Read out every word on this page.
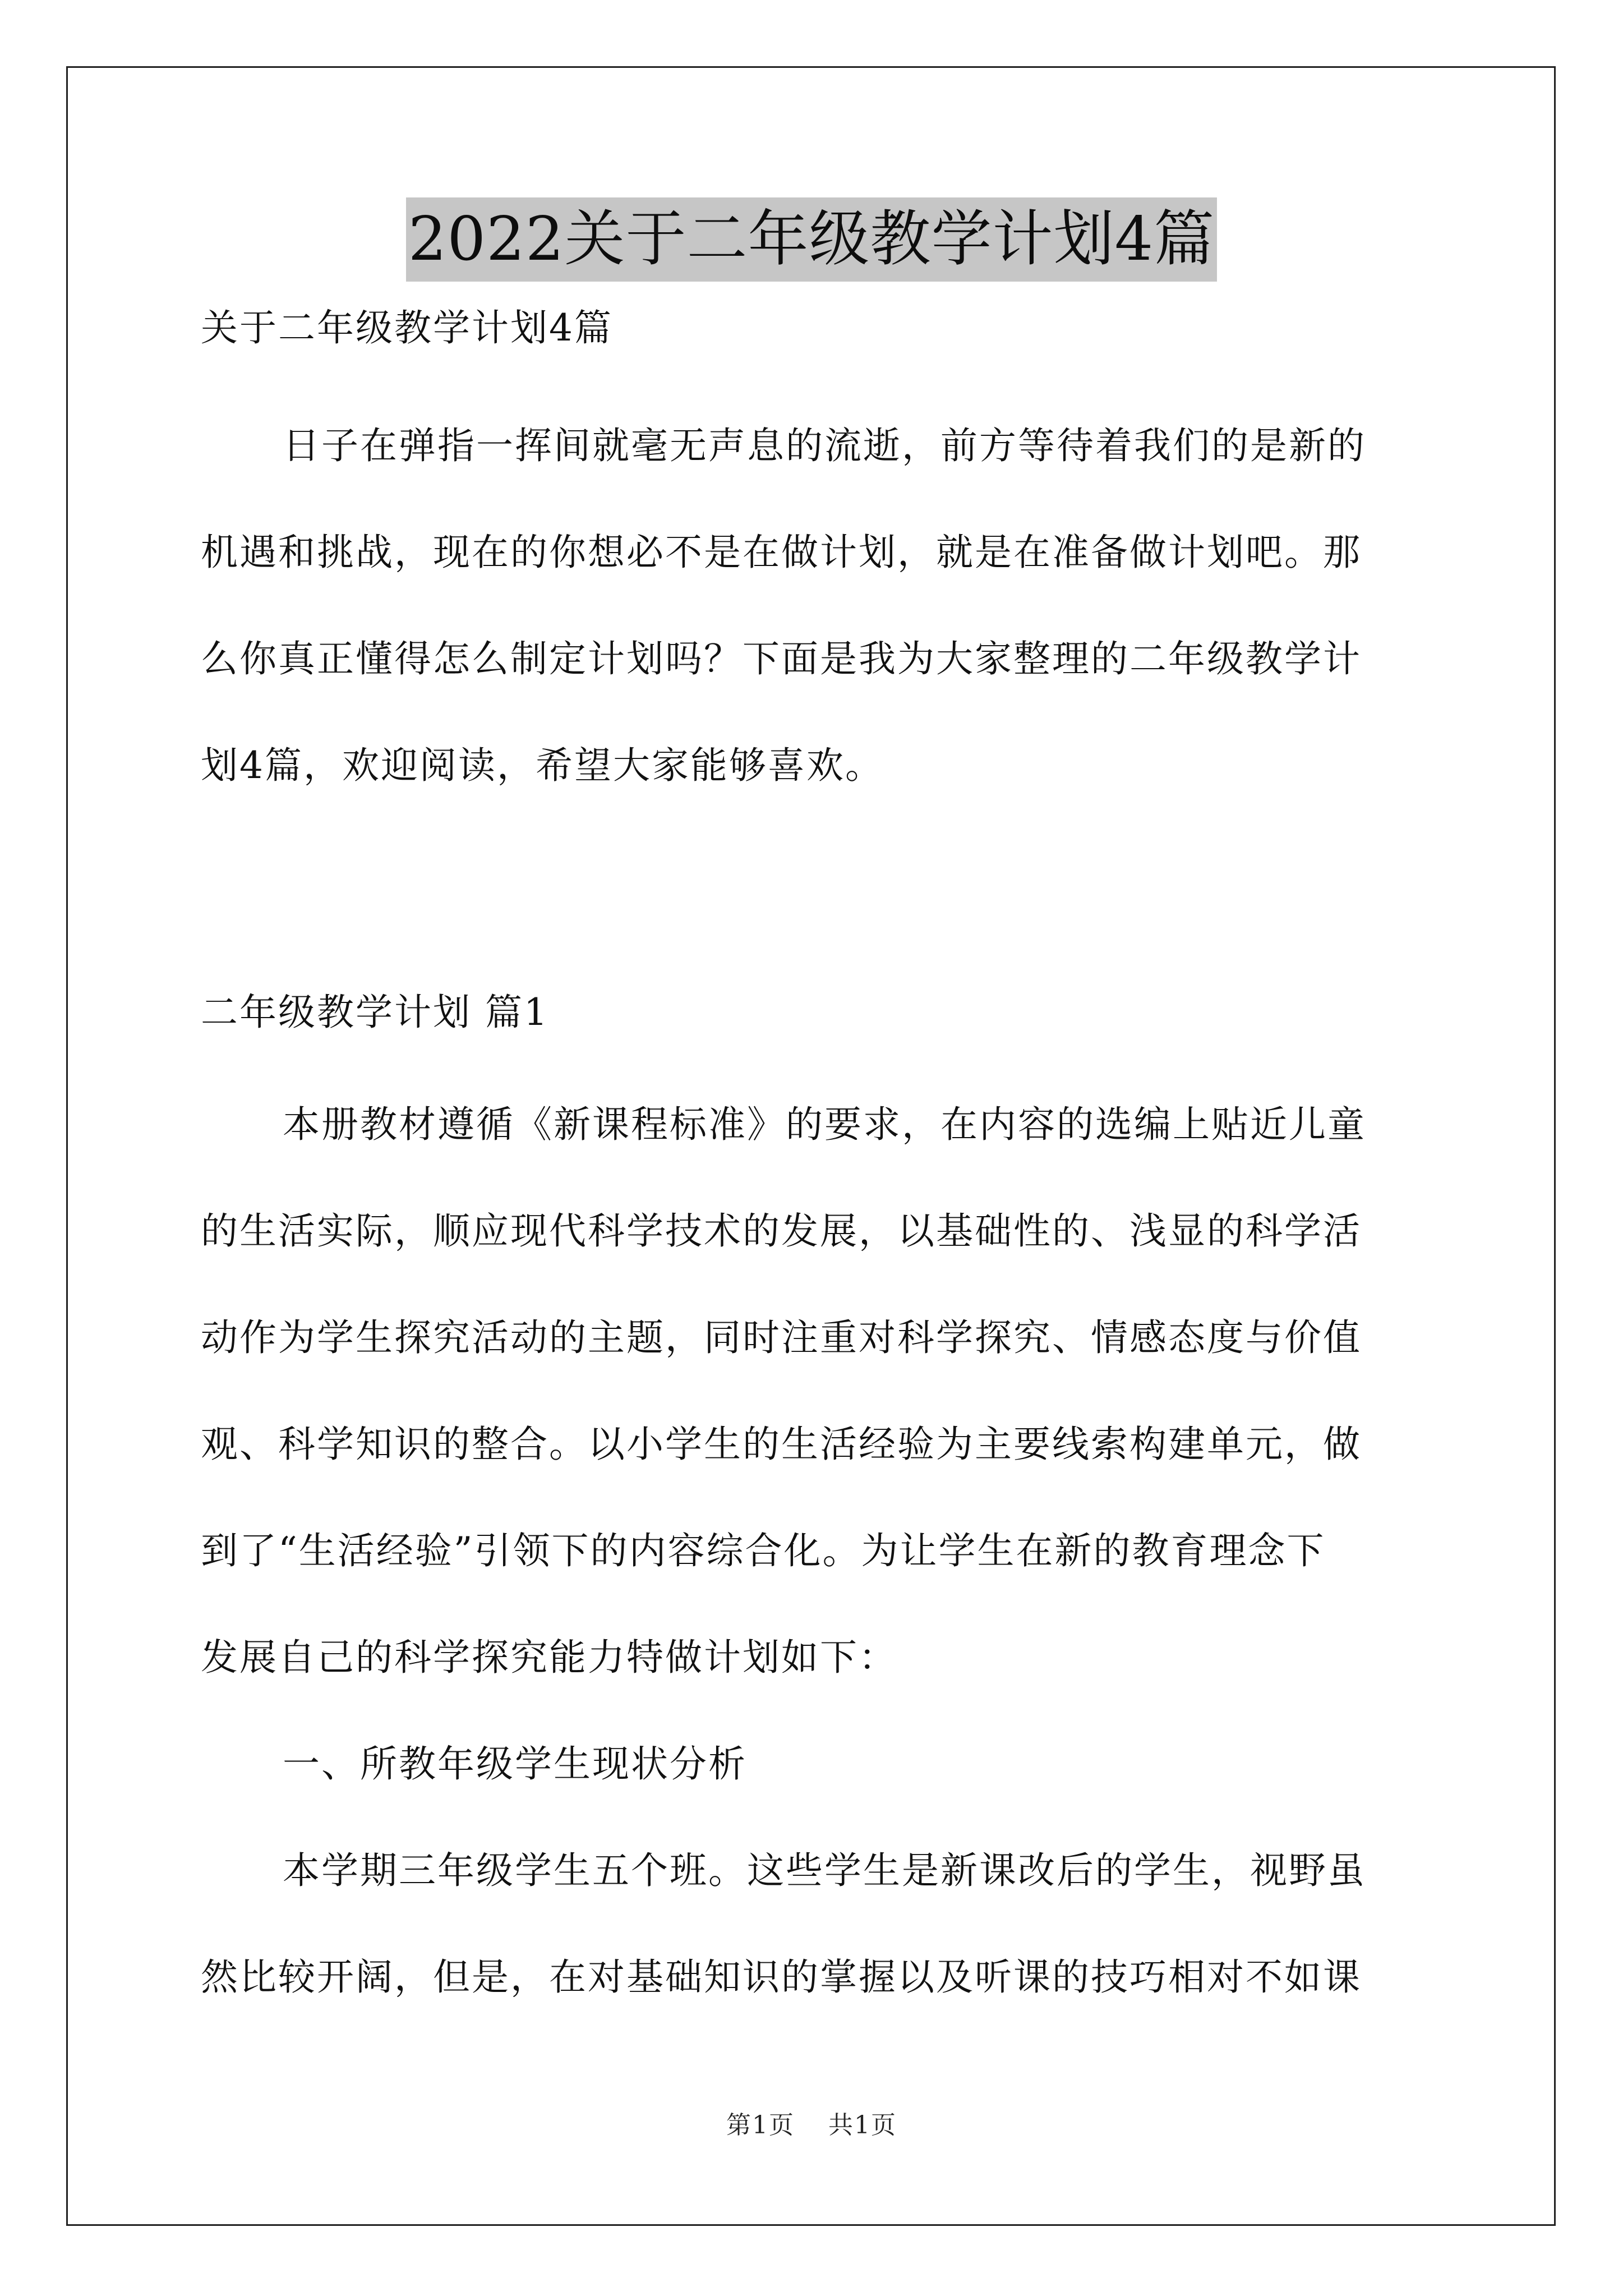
2022关于二年级教学计划4篇
关于二年级教学计划4篇
日子在弹指一挥间就毫无声息的流逝，前方等待着我们的是新的
机遇和挑战，现在的你想必不是在做计划，就是在准备做计划吧。那
么你真正懂得怎么制定计划吗？下面是我为大家整理的二年级教学计
划4篇，欢迎阅读，希望大家能够喜欢。
二年级教学计划 篇1
本册教材遵循《新课程标准》的要求，在内容的选编上贴近儿童
的生活实际，顺应现代科学技术的发展，以基础性的、浅显的科学活
动作为学生探究活动的主题，同时注重对科学探究、情感态度与价值
观、科学知识的整合。以小学生的生活经验为主要线索构建单元，做
到了“生活经验”引领下的内容综合化。为让学生在新的教育理念下
发展自己的科学探究能力特做计划如下：
一、所教年级学生现状分析
本学期三年级学生五个班。这些学生是新课改后的学生，视野虽
然比较开阔，但是，在对基础知识的掌握以及听课的技巧相对不如课
第1页 共1页
